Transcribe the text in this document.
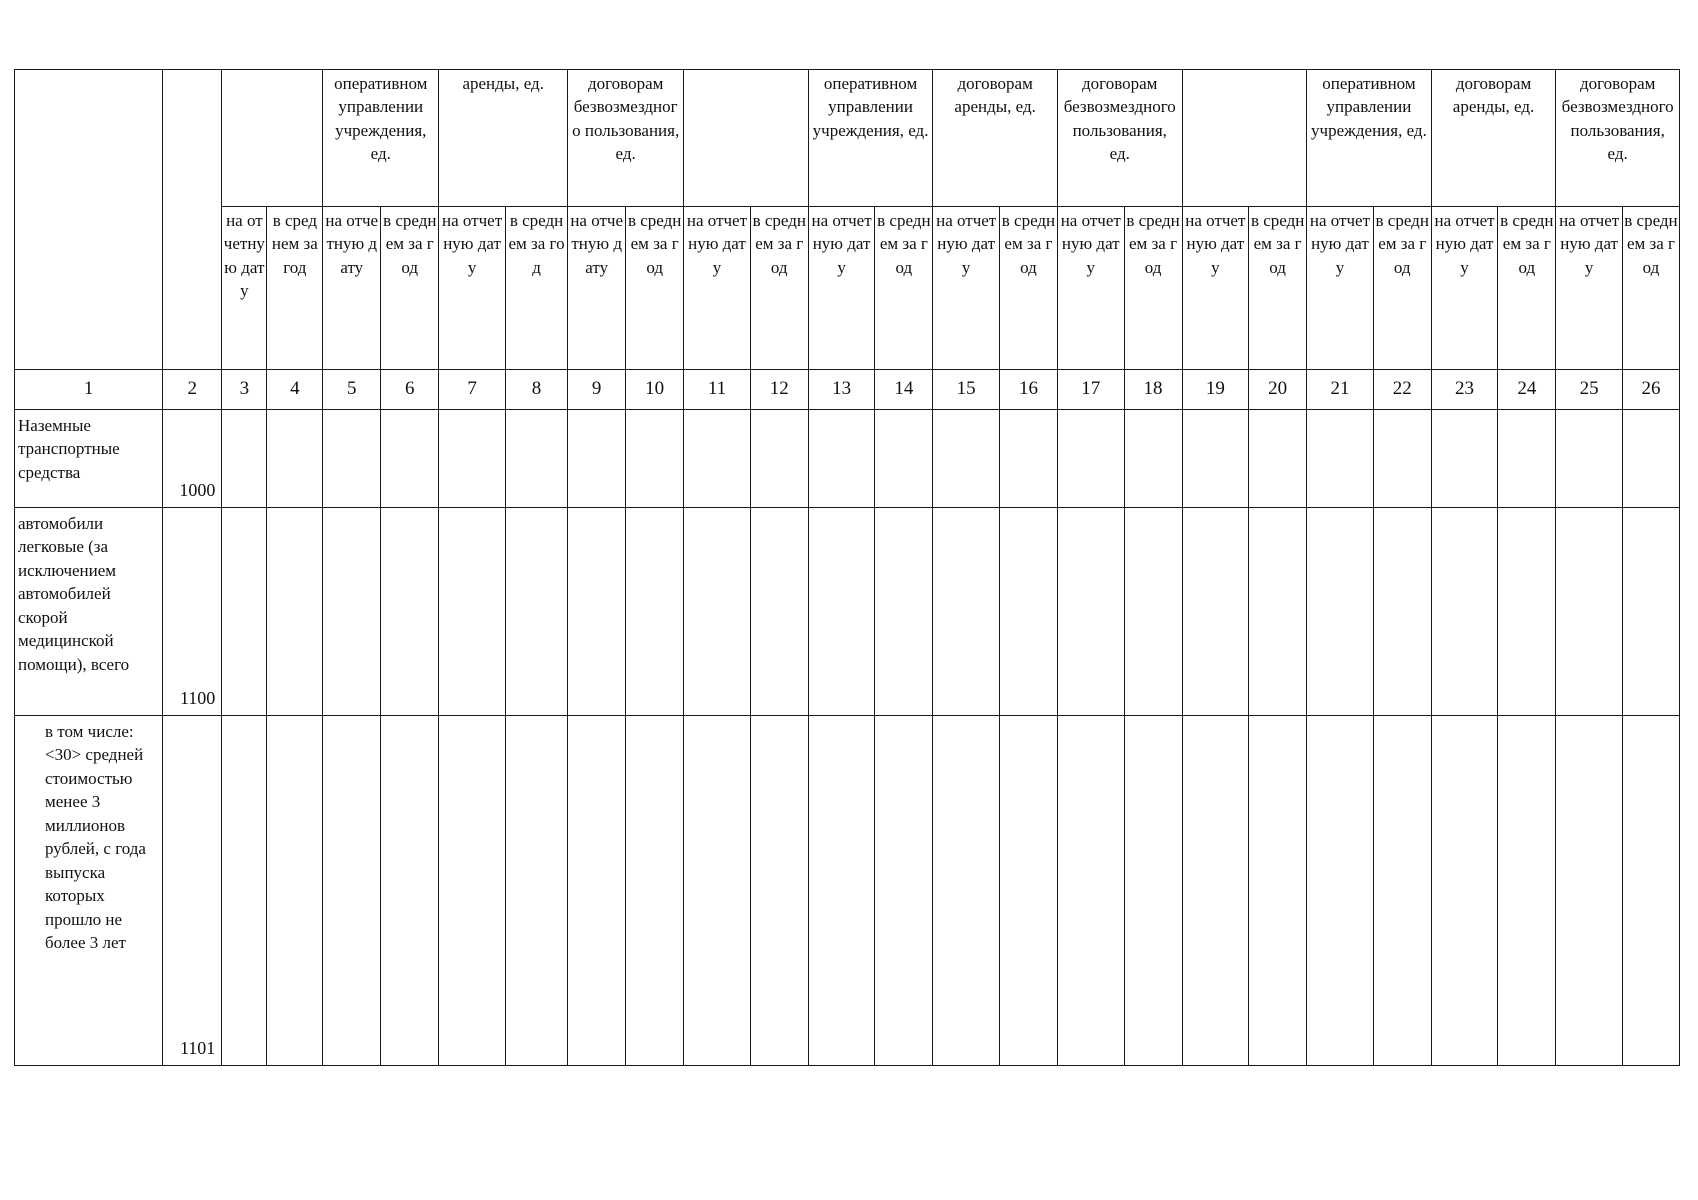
				оперативном управлении учреждения, ед.		аренды, ед.		договорам безвозмездного пользования, ед.				оперативном управлении учреждения, ед.		договорам аренды, ед.		договорам безвозмездного пользования, ед.				оперативном управлении учреждения, ед.		договорам аренды, ед.		договорам безвозмездного пользования, ед.	
		на отчетную дату	в среднем за год	на отчетную дату	в среднем за год	на отчетную дату	в среднем за год	на отчетную дату	в среднем за год	на отчетную дату	в среднем за год	на отчетную дату	в среднем за год	на отчетную дату	в среднем за год	на отчетную дату	в среднем за год	на отчетную дату	в среднем за год	на отчетную дату	в среднем за год	на отчетную дату	в среднем за год	на отчетную дату	в среднем за год
1	2	3	4	5	6	7	8	9	10	11	12	13	14	15	16	17	18	19	20	21	22	23	24	25	26
Наземные транспортные средства	1000																								
автомобили легковые (за исключением автомобилей скорой медицинской помощи), всего	1100																								
в том числе: <30> средней стоимостью менее 3 миллионов рублей, с года выпуска которых прошло не более 3 лет	1101																								
